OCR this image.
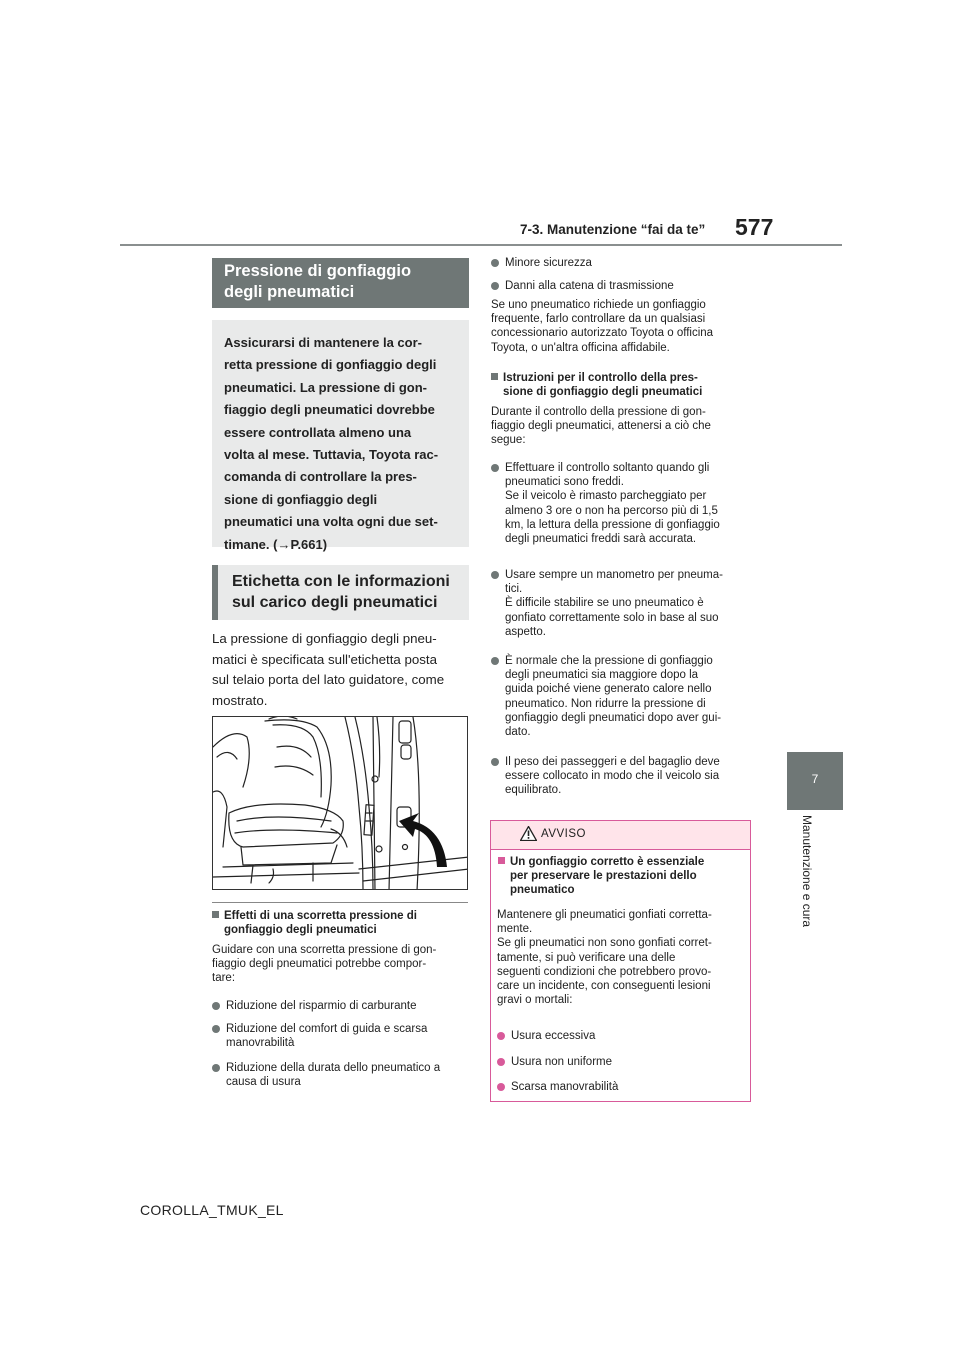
7-3. Manutenzione “fai da te” 577
7
Manutenzione e cura
Pressione di gonfiaggio
degli pneumatici

Assicurarsi di mantenere la cor-

retta pressione di gonfiaggio degli

pneumatici. La pressione di gon-

fiaggio degli pneumatici dovrebbe

essere controllata almeno una

volta al mese. Tuttavia, Toyota rac-

comanda di controllare la pres-

sione di gonfiaggio degli

pneumatici una volta ogni due set-

timane. (→P.661)

Etichetta con le informazioni
sul carico degli pneumatici
La pressione di gonfiaggio degli pneu-
matici è specificata sull'etichetta posta
sul telaio porta del lato guidatore, come
mostrato.
Effetti di una scorretta pressione di
gonfiaggio degli pneumatici
Guidare con una scorretta pressione di gon-
fiaggio degli pneumatici potrebbe compor-
tare:
Riduzione del risparmio di carburante
Riduzione del comfort di guida e scarsa
manovrabilità
Riduzione della durata dello pneumatico a
causa di usura
Minore sicurezza
Danni alla catena di trasmissione
Se uno pneumatico richiede un gonfiaggio
frequente, farlo controllare da un qualsiasi
concessionario autorizzato Toyota o officina
Toyota, o un'altra officina affidabile.
Istruzioni per il controllo della pres-
sione di gonfiaggio degli pneumatici
Durante il controllo della pressione di gon-
fiaggio degli pneumatici, attenersi a ciò che
segue:
Effettuare il controllo soltanto quando gli
pneumatici sono freddi.
Se il veicolo è rimasto parcheggiato per
almeno 3 ore o non ha percorso più di 1,5
km, la lettura della pressione di gonfiaggio
degli pneumatici freddi sarà accurata.
Usare sempre un manometro per pneuma-
tici.
È difficile stabilire se uno pneumatico è
gonfiato correttamente solo in base al suo
aspetto.
È normale che la pressione di gonfiaggio
degli pneumatici sia maggiore dopo la
guida poiché viene generato calore nello
pneumatico. Non ridurre la pressione di
gonfiaggio degli pneumatici dopo aver gui-
dato.
Il peso dei passeggeri e del bagaglio deve
essere collocato in modo che il veicolo sia
equilibrato.
AVVISO
Un gonfiaggio corretto è essenziale
per preservare le prestazioni dello
pneumatico
Mantenere gli pneumatici gonfiati corretta-
mente.
Se gli pneumatici non sono gonfiati corret-
tamente, si può verificare una delle
seguenti condizioni che potrebbero provo-
care un incidente, con conseguenti lesioni
gravi o mortali:
Usura eccessiva
Usura non uniforme
Scarsa manovrabilità
COROLLA_TMUK_EL
